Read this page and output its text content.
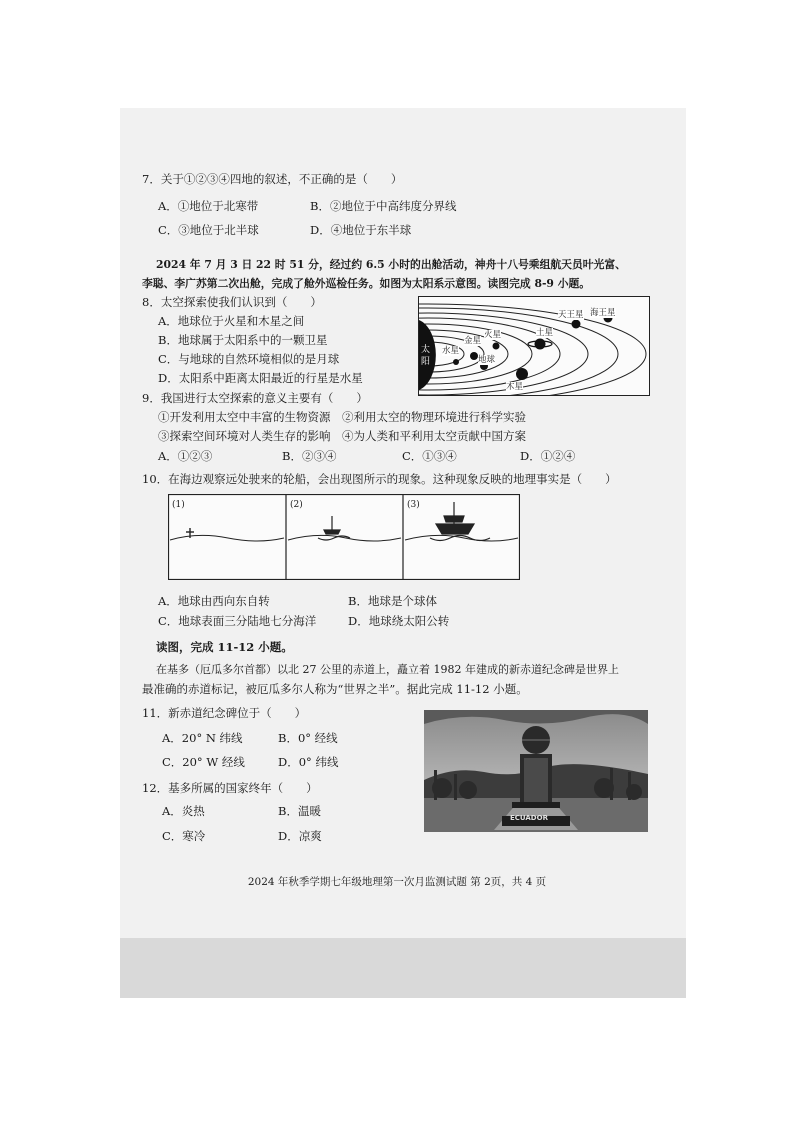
7．关于①②③④四地的叙述，不正确的是（　　）
A．①地位于北寒带	B．②地位于中高纬度分界线
C．③地位于北半球	D．④地位于东半球
2024 年 7 月 3 日 22 时 51 分，经过约 6.5 小时的出舱活动，神舟十八号乘组航天员叶光富、
李聪、李广苏第二次出舱，完成了舱外巡检任务。如图为太阳系示意图。读图完成 8-9 小题。
8．太空探索使我们认识到（　　）
A．地球位于火星和木星之间
B．地球属于太阳系中的一颗卫星
C．与地球的自然环境相似的是月球
D．太阳系中距离太阳最近的行星是水星
太
阳
水星
金星
地球
火星
木星
土星
天王星 海王星
9．我国进行太空探索的意义主要有（　　）
①开发利用太空中丰富的生物资源　②利用太空的物理环境进行科学实验
③探索空间环境对人类生存的影响　④为人类和平利用太空贡献中国方案
A．①②③	B．②③④	C．①③④	D．①②④
10．在海边观察远处驶来的轮船，会出现图所示的现象。这种现象反映的地理事实是（　　）
(1)	(2)	(3)
A．地球由西向东自转	B．地球是个球体
C．地球表面三分陆地七分海洋	D．地球绕太阳公转
读图，完成 11-12 小题。
在基多（厄瓜多尔首都）以北 27 公里的赤道上，矗立着 1982 年建成的新赤道纪念碑是世界上
最准确的赤道标记，被厄瓜多尔人称为“世界之半”。据此完成 11-12 小题。
11．新赤道纪念碑位于（　　）
A．20° N 纬线	B．0° 经线
C．20° W 经线	D．0° 纬线
12．基多所属的国家终年（　　）
A．炎热	B．温暖
C．寒冷	D．凉爽
ECUADOR
2024 年秋季学期七年级地理第一次月监测试题 第 2页，共 4 页
